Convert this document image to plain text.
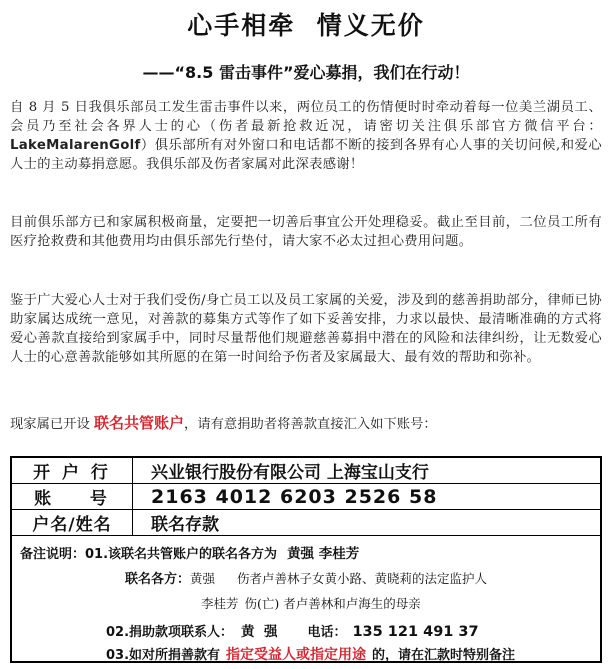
心手相牵  情义无价
——“8.5 雷击事件”爱心募捐，我们在行动！
自 8 月 5 日我俱乐部员工发生雷击事件以来，两位员工的伤情便时时牵动着每一位美兰湖员工、会员乃至社会各界人士的心（伤者最新抢救近况，请密切关注俱乐部官方微信平台：LakeMalarenGolf）俱乐部所有对外窗口和电话都不断的接到各界有心人事的关切问候,和爱心人士的主动募捐意愿。我俱乐部及伤者家属对此深表感谢！
目前俱乐部方已和家属积极商量，定要把一切善后事宜公开处理稳妥。截止至目前，二位员工所有医疗抢救费和其他费用均由俱乐部先行垫付，请大家不必太过担心费用问题。
鉴于广大爱心人士对于我们受伤/身亡员工以及员工家属的关爱，涉及到的慈善捐助部分，律师已协助家属达成统一意见，对善款的募集方式等作了如下妥善安排，力求以最快、最清晰准确的方式将爱心善款直接给到家属手中，同时尽量帮他们规避慈善募捐中潜在的风险和法律纠纷，让无数爱心人士的心意善款能够如其所愿的在第一时间给予伤者及家属最大、最有效的帮助和弥补。
现家属已开设 联名共管账户，请有意捐助者将善款直接汇入如下账号：
开 户 行	兴业银行股份有限公司 上海宝山支行
账    号	2163 4012 6203 2526 58
户名/姓名	联名存款
备注说明：01.该联名共管账户的联名各方为 黄强 李桂芳
联名各方：黄强 伤者卢善林子女黄小路、黄晓莉的法定监护人
李桂芳 伤(亡) 者卢善林和卢海生的母亲
02.捐助款项联系人： 黄  强 电话： 135 121 491 37
03.如对所捐善款有 指定受益人或指定用途 的，请在汇款时特别备注
